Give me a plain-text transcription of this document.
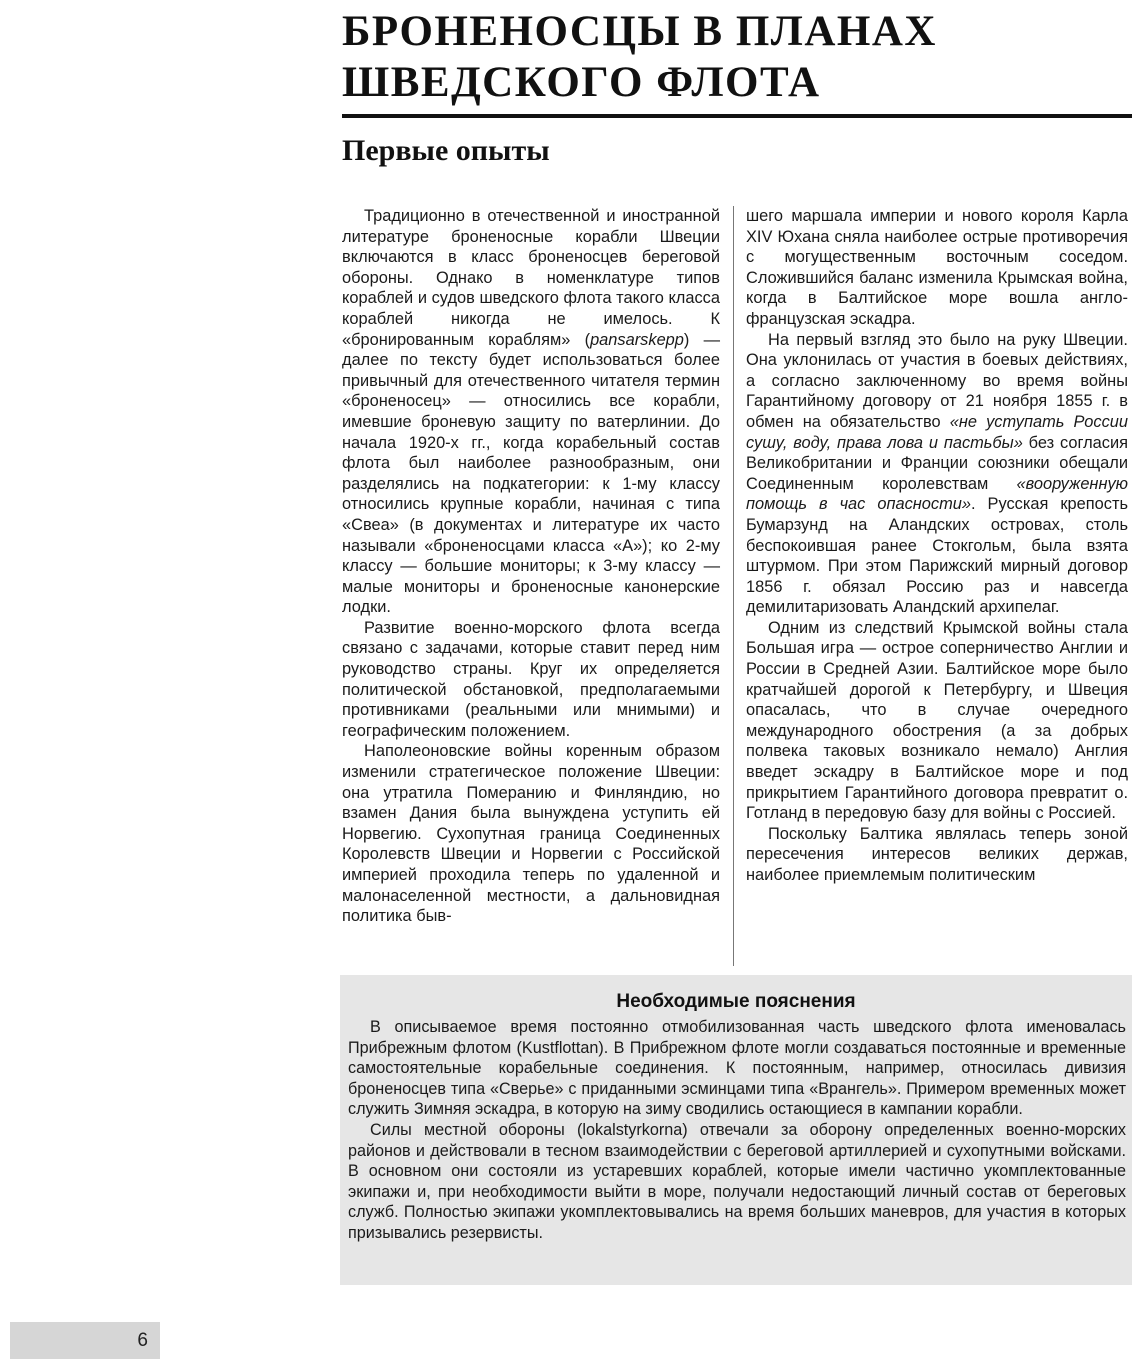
БРОНЕНОСЦЫ В ПЛАНАХ
ШВЕДСКОГО ФЛОТА
Первые опыты

Традиционно в отечественной и иностранной литературе броненосные корабли Швеции включаются в класс броненосцев береговой обороны. Однако в номенклатуре типов кораблей и судов шведского флота такого класса кораблей никогда не имелось. К «бронированным кораблям» (pansarskepp) — далее по тексту будет использоваться более привычный для отечественного читателя термин «броненосец» — относились все корабли, имевшие броневую защиту по ватерлинии. До начала 1920-х гг., когда корабельный состав флота был наиболее разнообразным, они разделялись на подкатегории: к 1-му классу относились крупные корабли, начиная с типа «Свеа» (в документах и литературе их часто называли «броненосцами класса «А»); ко 2-му классу — большие мониторы; к 3-му классу — малые мониторы и броненосные канонерские лодки.

Развитие военно-морского флота всегда связано с задачами, которые ставит перед ним руководство страны. Круг их определяется политической обстановкой, предполагаемыми противниками (реальными или мнимыми) и географическим положением.

Наполеоновские войны коренным образом изменили стратегическое положение Швеции: она утратила Померанию и Финляндию, но взамен Дания была вынуждена уступить ей Норвегию. Сухопутная граница Соединенных Королевств Швеции и Норвегии с Российской империей проходила теперь по удаленной и малонаселенной местности, а дальновидная политика быв-

шего маршала империи и нового короля Карла XIV Юхана сняла наиболее острые противоречия с могущественным восточным соседом. Сложившийся баланс изменила Крымская война, когда в Балтийское море вошла англо-французская эскадра.

На первый взгляд это было на руку Швеции. Она уклонилась от участия в боевых действиях, а согласно заключенному во время войны Гарантийному договору от 21 ноября 1855 г. в обмен на обязательство «не уступать России сушу, воду, права лова и пастьбы» без согласия Великобритании и Франции союзники обещали Соединенным королевствам «вооруженную помощь в час опасности». Русская крепость Бумарзунд на Аландских островах, столь беспокоившая ранее Стокгольм, была взята штурмом. При этом Парижский мирный договор 1856 г. обязал Россию раз и навсегда демилитаризовать Аландский архипелаг.

Одним из следствий Крымской войны стала Большая игра — острое соперничество Англии и России в Средней Азии. Балтийское море было кратчайшей дорогой к Петербургу, и Швеция опасалась, что в случае очередного международного обострения (а за добрых полвека таковых возникало немало) Англия введет эскадру в Балтийское море и под прикрытием Гарантийного договора превратит о. Готланд в передовую базу для войны с Россией.

Поскольку Балтика являлась теперь зоной пересечения интересов великих держав, наиболее приемлемым политическим

Необходимые пояснения

В описываемое время постоянно отмобилизованная часть шведского флота именовалась Прибрежным флотом (Kustflottan). В Прибрежном флоте могли создаваться постоянные и временные самостоятельные корабельные соединения. К постоянным, например, относилась дивизия броненосцев типа «Сверье» с приданными эсминцами типа «Врангель». Примером временных может служить Зимняя эскадра, в которую на зиму сводились остающиеся в кампании корабли.

Силы местной обороны (lokalstyrkorna) отвечали за оборону определенных военно-морских районов и действовали в тесном взаимодействии с береговой артиллерией и сухопутными войсками. В основном они состояли из устаревших кораблей, которые имели частично укомплектованные экипажи и, при необходимости выйти в море, получали недостающий личный состав от береговых служб. Полностью экипажи укомплектовывались на время больших маневров, для участия в которых призывались резервисты.

6
